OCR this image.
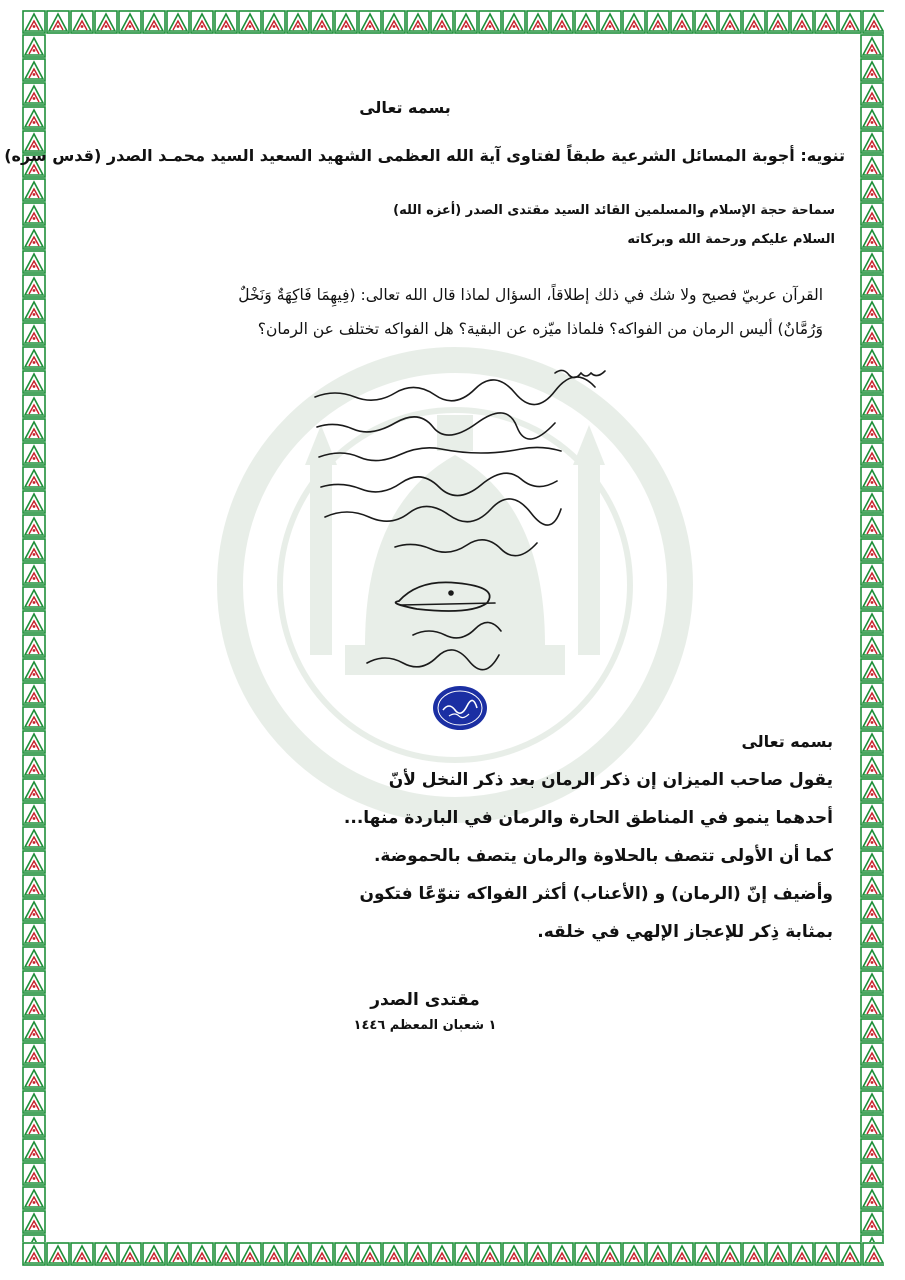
بسمه تعالى
تنويه: أجوبة المسائل الشرعية طبقاً لفتاوى آية الله العظمى الشهيد السعيد السيد محمـد الصدر (قدس سره)
سماحة حجة الإسلام والمسلمين القائد السيد مقتدى الصدر (أعزه الله)
السلام عليكم ورحمة الله وبركاته
القرآن عربيّ فصيح ولا شك في ذلك إطلاقاً، السؤال لماذا قال الله تعالى: (فِيهِمَا فَاكِهَةٌ وَنَخْلٌ
وَرُمَّانٌ) أليس الرمان من الفواكه؟ فلماذا ميّزه عن البقية؟ هل الفواكه تختلف عن الرمان؟
بسمه تعالى
يقول صاحب الميزان إن ذكر الرمان بعد ذكر النخل لأنّ
أحدهما ينمو في المناطق الحارة والرمان في الباردة منها...
كما أن الأولى تتصف بالحلاوة والرمان يتصف بالحموضة.
وأضيف إنّ (الرمان) و (الأعناب) أكثر الفواكه تنوّعًا فتكون
بمثابة ذِكر للإعجاز الإلهي في خلقه.
مقتدى الصدر
١ شعبان المعظم ١٤٤٦
